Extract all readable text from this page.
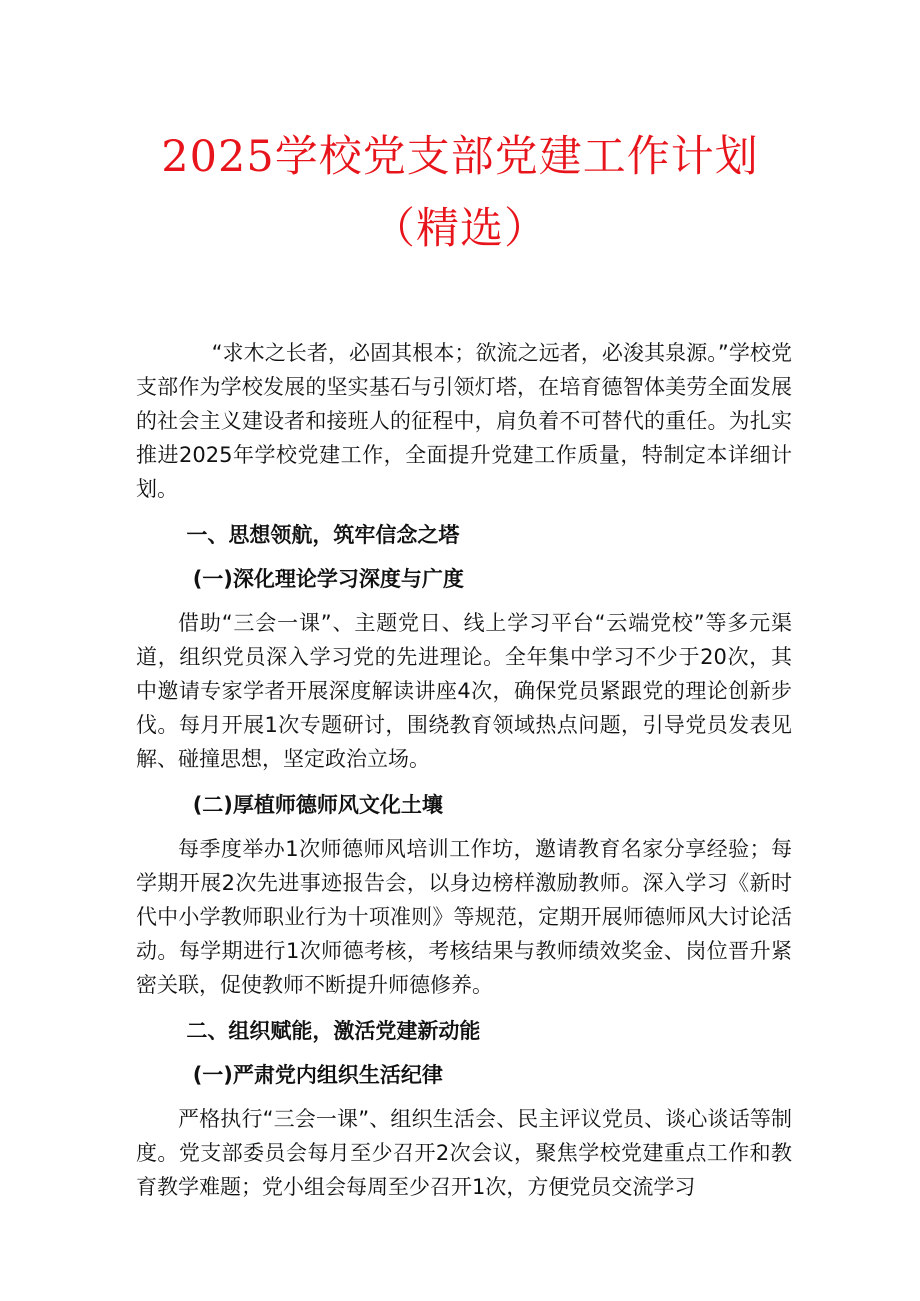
2025学校党支部党建工作计划
（精选）

“求木之长者，必固其根本；欲流之远者，必浚其泉源。”学校党支部作为学校发展的坚实基石与引领灯塔，在培育德智体美劳全面发展的社会主义建设者和接班人的征程中，肩负着不可替代的重任。为扎实推进2025年学校党建工作，全面提升党建工作质量，特制定本详细计划。

一、思想领航，筑牢信念之塔

(一)深化理论学习深度与广度

借助“三会一课”、主题党日、线上学习平台“云端党校”等多元渠道，组织党员深入学习党的先进理论。全年集中学习不少于20次，其中邀请专家学者开展深度解读讲座4次，确保党员紧跟党的理论创新步伐。每月开展1次专题研讨，围绕教育领域热点问题，引导党员发表见解、碰撞思想，坚定政治立场。

(二)厚植师德师风文化土壤

每季度举办1次师德师风培训工作坊，邀请教育名家分享经验；每学期开展2次先进事迹报告会，以身边榜样激励教师。深入学习《新时代中小学教师职业行为十项准则》等规范，定期开展师德师风大讨论活动。每学期进行1次师德考核，考核结果与教师绩效奖金、岗位晋升紧密关联，促使教师不断提升师德修养。

二、组织赋能，激活党建新动能

(一)严肃党内组织生活纪律

严格执行“三会一课”、组织生活会、民主评议党员、谈心谈话等制度。党支部委员会每月至少召开2次会议，聚焦学校党建重点工作和教育教学难题；党小组会每周至少召开1次，方便党员交流学习
